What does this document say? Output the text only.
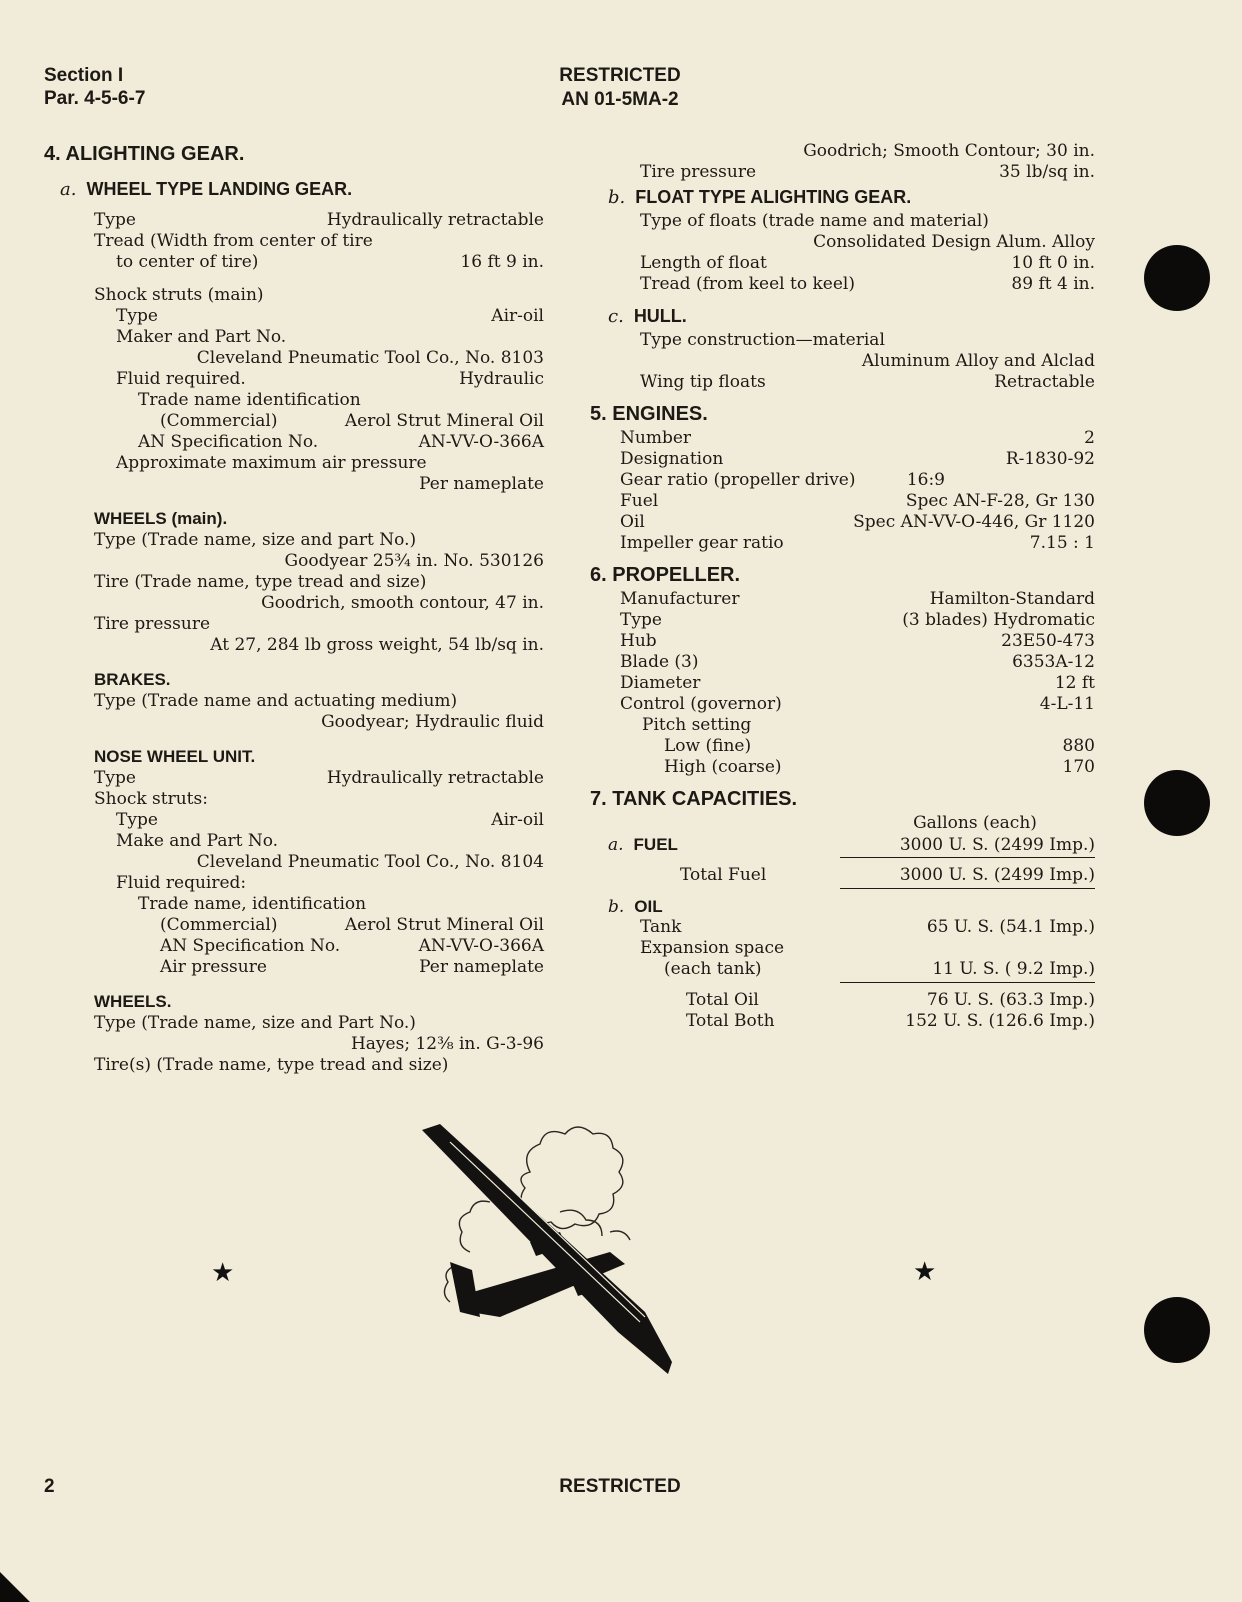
Section I
Par. 4-5-6-7
RESTRICTED
AN 01-5MA-2
4. ALIGHTING GEAR.
a. WHEEL TYPE LANDING GEAR.
Type	Hydraulically retractable
Tread (Width from center of tire
to center of tire)	16 ft 9 in.
Shock struts (main)
Type	Air-oil
Maker and Part No.
Cleveland Pneumatic Tool Co., No. 8103
Fluid required.	Hydraulic
Trade name identification
(Commercial)	Aerol Strut Mineral Oil
AN Specification No.	AN-VV-O-366A
Approximate maximum air pressure
Per nameplate
WHEELS (main).
Type (Trade name, size and part No.)
Goodyear 25¾ in. No. 530126
Tire (Trade name, type tread and size)
Goodrich, smooth contour, 47 in.
Tire pressure
At 27, 284 lb gross weight, 54 lb/sq in.
BRAKES.
Type (Trade name and actuating medium)
Goodyear; Hydraulic fluid
NOSE WHEEL UNIT.
Type	Hydraulically retractable
Shock struts:
Type	Air-oil
Make and Part No.
Cleveland Pneumatic Tool Co., No. 8104
Fluid required:
Trade name, identification
(Commercial)	Aerol Strut Mineral Oil
AN Specification No.	AN-VV-O-366A
Air pressure	Per nameplate
WHEELS.
Type (Trade name, size and Part No.)
Hayes; 12⅜ in. G-3-96
Tire(s) (Trade name, type tread and size)
Goodrich; Smooth Contour; 30 in.
Tire pressure	35 lb/sq in.
b. FLOAT TYPE ALIGHTING GEAR.
Type of floats (trade name and material)
Consolidated Design Alum. Alloy
Length of float	10 ft 0 in.
Tread (from keel to keel)	89 ft 4 in.
c. HULL.
Type construction—material
Aluminum Alloy and Alclad
Wing tip floats	Retractable
5. ENGINES.
Number	2
Designation	R-1830-92
Gear ratio (propeller drive)	16:9
Fuel	Spec AN-F-28, Gr 130
Oil	Spec AN-VV-O-446, Gr 1120
Impeller gear ratio	7.15 : 1
6. PROPELLER.
Manufacturer	Hamilton-Standard
Type	(3 blades) Hydromatic
Hub	23E50-473
Blade (3)	6353A-12
Diameter	12 ft
Control (governor)	4-L-11
Pitch setting
Low (fine)	880
High (coarse)	170
7. TANK CAPACITIES.
Gallons (each)
a. FUEL	3000 U. S. (2499 Imp.)
Total Fuel	3000 U. S. (2499 Imp.)
b. OIL
Tank	65 U. S. (54.1 Imp.)
Expansion space
(each tank)	11 U. S. ( 9.2 Imp.)
Total Oil	76 U. S. (63.3 Imp.)
Total Both	152 U. S. (126.6 Imp.)
★	★
2	RESTRICTED
